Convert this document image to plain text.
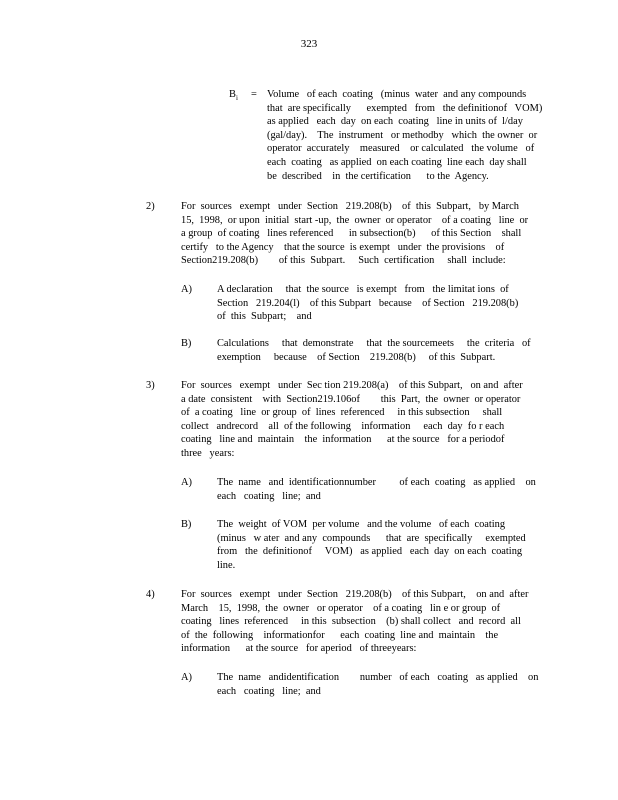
323
$B_i$ = Volume   of each  coating   (minus  water  and any compounds
that  are specifically      exempted   from   the definitionof   VOM)
as applied   each  day  on each  coating   line in units of  l/day
(gal/day).    The  instrument   or methodby   which  the owner  or
operator  accurately    measured    or calculated   the volume   of
each  coating   as applied  on each coating  line each  day shall
be  described    in  the certification      to the  Agency.
2)	For  sources   exempt   under  Section   219.208(b)    of  this  Subpart,   by March
15,  1998,  or upon  initial  start -up,  the  owner  or operator    of a coating   line  or
a group  of coating   lines referenced      in subsection(b)      of this Section    shall
certify   to the Agency    that the source  is exempt   under  the provisions    of
Section219.208(b)        of this  Subpart.     Such  certification     shall  include:
A) A declaration     that  the source   is exempt   from   the limitat ions  of
Section   219.204(l)    of this Subpart   because    of Section   219.208(b)
of  this  Subpart;    and
B) Calculations     that  demonstrate     that  the sourcemeets     the  criteria   of
exemption     because    of Section    219.208(b)     of this  Subpart.
3)	For  sources   exempt   under  Sec tion 219.208(a)    of this Subpart,   on and  after
a date  consistent    with  Section219.106of        this  Part,  the  owner  or operator
of  a coating   line  or group  of  lines  referenced     in this subsection     shall
collect   andrecord    all  of the following    information     each  day  fo r each
coating   line and  maintain    the  information      at the source   for a periodof
three   years:
A) The  name   and  identificationnumber         of each  coating   as applied    on
each   coating   line;  and
B) The  weight  of VOM  per volume   and the volume   of each  coating
(minus   w ater  and any  compounds      that  are  specifically     exempted
from   the  definitionof     VOM)   as applied   each  day  on each  coating
line.
4)	For  sources   exempt   under  Section   219.208(b)    of this Subpart,    on and  after
March    15,  1998,  the  owner   or operator    of a coating   lin e or group  of
coating   lines  referenced     in this  subsection    (b) shall collect   and  record  all
of  the  following    informationfor      each  coating  line and  maintain    the
information      at the source   for aperiod   of threeyears:
A) The  name   andidentification        number   of each   coating   as applied    on
each   coating   line;  and
